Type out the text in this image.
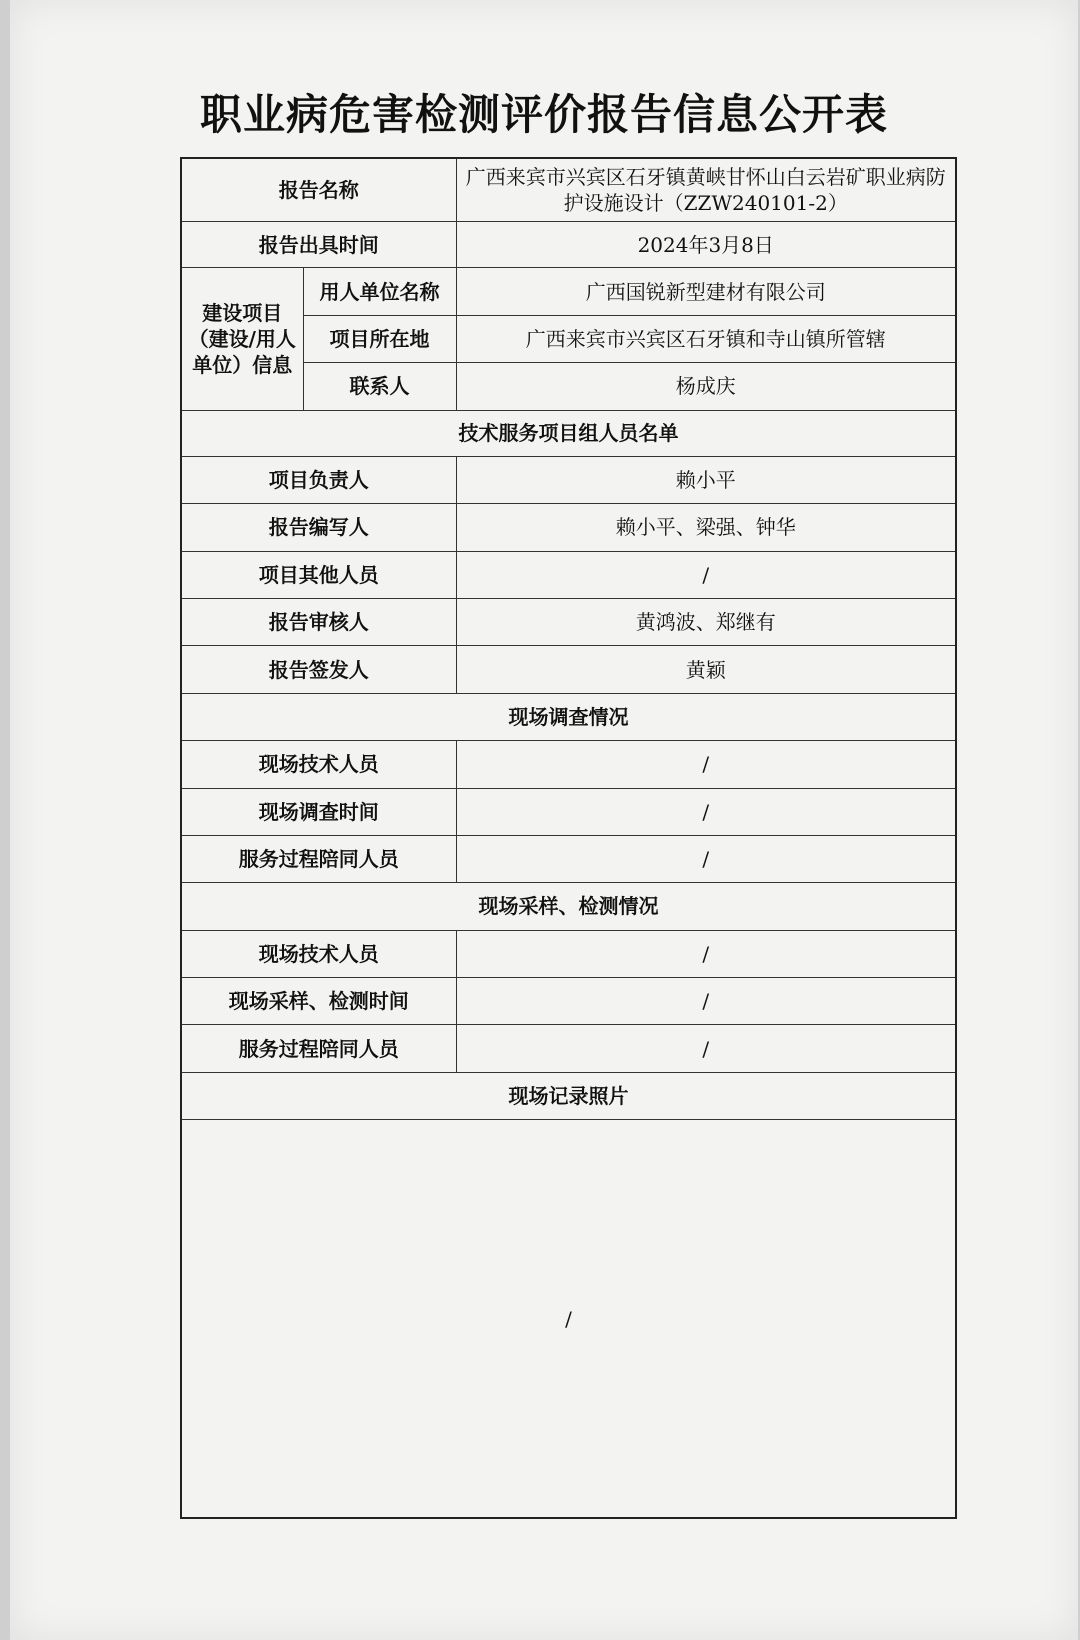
职业病危害检测评价报告信息公开表
报告名称		广西来宾市兴宾区石牙镇黄峡甘怀山白云岩矿职业病防护设施设计（ZZW240101-2）
报告出具时间		2024年3月8日
建设项目（建设/用人单位）信息	用人单位名称	广西国锐新型建材有限公司
	项目所在地	广西来宾市兴宾区石牙镇和寺山镇所管辖
	联系人	杨成庆
技术服务项目组人员名单		
项目负责人		赖小平
报告编写人		赖小平、梁强、钟华
项目其他人员		/
报告审核人		黄鸿波、郑继有
报告签发人		黄颖
现场调查情况		
现场技术人员		/
现场调查时间		/
服务过程陪同人员		/
现场采样、检测情况		
现场技术人员		/
现场采样、检测时间		/
服务过程陪同人员		/
现场记录照片		
/		
